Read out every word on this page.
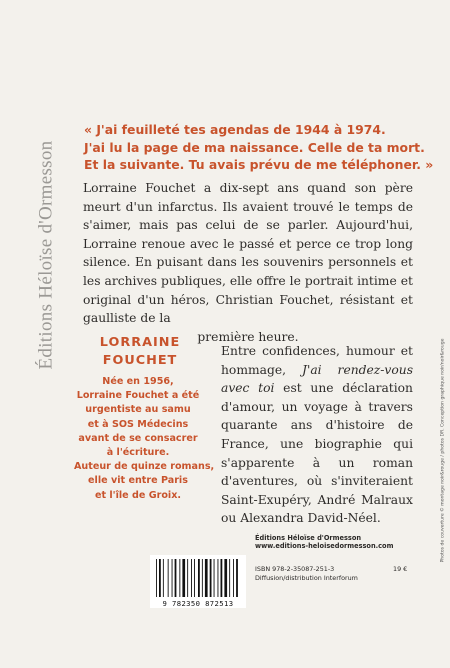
Éditions Héloïse d'Ormesson
Photos de couverture © montage noir&rouge / photos DR. Conception graphique noir/noir&rouge
« J'ai feuilleté tes agendas de 1944 à 1974.
J'ai lu la page de ma naissance. Celle de ta mort.
Et la suivante. Tu avais prévu de me téléphoner. »
Lorraine Fouchet a dix-sept ans quand son père meurt d'un infarctus. Ils avaient trouvé le temps de s'aimer, mais pas celui de se parler. Aujourd'hui, Lorraine renoue avec le passé et perce ce trop long silence. En puisant dans les souvenirs personnels et les archives publiques, elle offre le portrait intime et original d'un héros, Christian Fouchet, résistant et gaulliste de la
première heure.
LORRAINE
FOUCHET
Née en 1956,
Lorraine Fouchet a été
urgentiste au samu
et à SOS Médecins
avant de se consacrer
à l'écriture.
Auteur de quinze romans,
elle vit entre Paris
et l'île de Groix.
Entre confidences, humour et hommage, J'ai rendez-vous avec toi est une déclaration d'amour, un voyage à travers quarante ans d'histoire de France, une biographie qui s'apparente à un roman d'aventures, où s'inviteraient Saint-Exupéry, André Malraux ou Alexandra David-Néel.
Éditions Héloïse d'Ormesson
www.editions-heloisedormesson.com
ISBN 978-2-35087-251-3
Diffusion/distribution Interforum
19 €
9 782350 872513
